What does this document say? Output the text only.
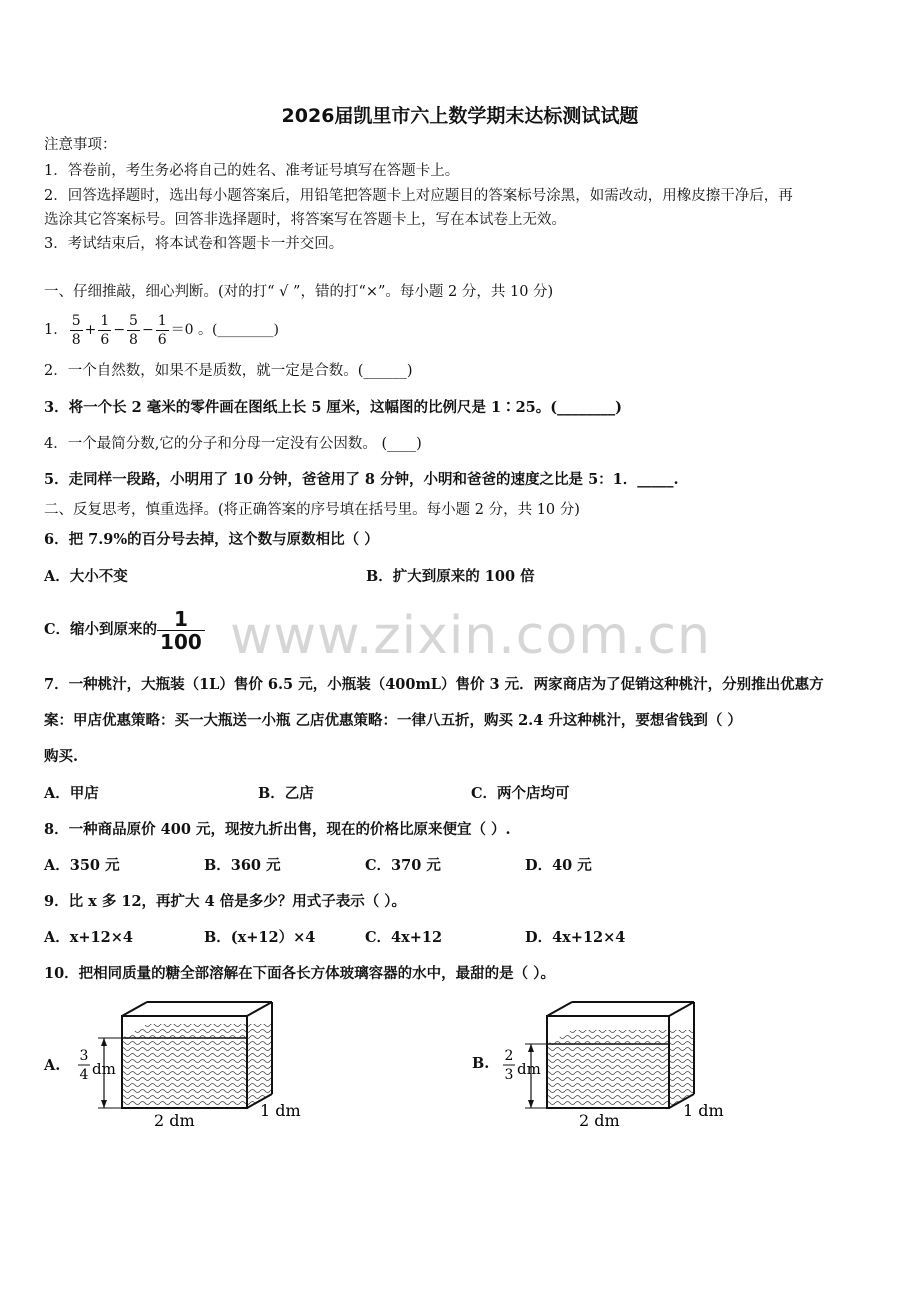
2026届凯里市六上数学期末达标测试试题
注意事项：
1．答卷前，考生务必将自己的姓名、准考证号填写在答题卡上。
2．回答选择题时，选出每小题答案后，用铅笔把答题卡上对应题目的答案标号涂黑，如需改动，用橡皮擦干净后，再
选涂其它答案标号。回答非选择题时，将答案写在答题卡上，写在本试卷上无效。
3．考试结束后，将本试卷和答题卡一并交回。
一、仔细推敲，细心判断。(对的打“ √ ”，错的打“×”。每小题 2 分，共 10 分)
1． $\frac{5}{8} + \frac{1}{6} - \frac{5}{8} - \frac{1}{6} =0$ 。(________)
2．一个自然数，如果不是质数，就一定是合数。(______)
3．将一个长 2 毫米的零件画在图纸上长 5 厘米，这幅图的比例尺是 1∶25。(________)
4．一个最简分数,它的分子和分母一定没有公因数。 (____)
5．走同样一段路，小明用了 10 分钟，爸爸用了 8 分钟，小明和爸爸的速度之比是 5：1．_____.
二、反复思考，慎重选择。(将正确答案的序号填在括号里。每小题 2 分，共 10 分)
6．把 7.9%的百分号去掉，这个数与原数相比（ ）
A．大小不变	B．扩大到原来的 100 倍
C．缩小到原来的 1
100 www.zixin.com.cn
7．一种桃汁，大瓶装（1L）售价 6.5 元，小瓶装（400mL）售价 3 元．两家商店为了促销这种桃汁，分别推出优惠方
案：甲店优惠策略：买一大瓶送一小瓶 乙店优惠策略：一律八五折，购买 2.4 升这种桃汁，要想省钱到（ ）
购买.
A．甲店	B．乙店	C．两个店均可
8．一种商品原价 400 元，现按九折出售，现在的价格比原来便宜（ ）.
A．350 元	B．360 元	C．370 元	D．40 元
9．比 x 多 12，再扩大 4 倍是多少？用式子表示（ ）。
A．x+12×4	B．(x+12）×4	C．4x+12	D．4x+12×4
10．把相同质量的糖全部溶解在下面各长方体玻璃容器的水中，最甜的是（ ）。
A.
3
4 dm
2 dm
1 dm
B. 2
3 dm
2 dm
1 dm
